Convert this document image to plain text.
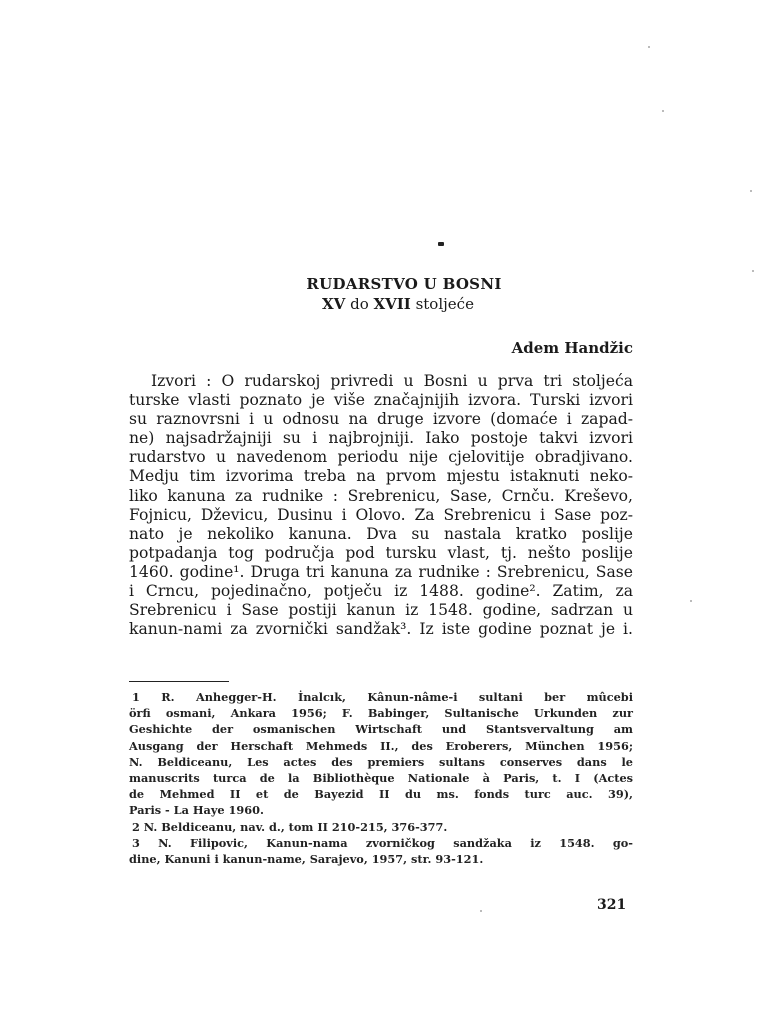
RUDARSTVO U BOSNI
XV do XVII stoljeće
Adem Handžic
Izvori : O rudarskoj privredi u Bosni u prva tri stoljeća
turske vlasti poznato je više značajnijih izvora. Turski izvori
su raznovrsni i u odnosu na druge izvore (domaće i zapad-
ne) najsadržajniji su i najbrojniji. Iako postoje takvi izvori
rudarstvo u navedenom periodu nije cjelovitije obradjivano.
Medju tim izvorima treba na prvom mjestu istaknuti neko-
liko kanuna za rudnike : Srebrenicu, Sase, Crnču. Kreševo,
Fojnicu, Dževicu, Dusinu i Olovo. Za Srebrenicu i Sase poz-
nato je nekoliko kanuna. Dva su nastala kratko poslije
potpadanja tog područja pod tursku vlast, tj. nešto poslije
1460. godine¹. Druga tri kanuna za rudnike : Srebrenicu, Sase
i Crncu, pojedinačno, potječu iz 1488. godine². Zatim, za
Srebrenicu i Sase postiji kanun iz 1548. godine, sadrzan u
kanun-nami za zvornički sandžak³. Iz iste godine poznat je i.
1 R. Anhegger-H. İnalcık, Kânun-nâme-i sultani ber mûcebi
örfi osmani, Ankara 1956; F. Babinger, Sultanische Urkunden zur
Geshichte der osmanischen Wirtschaft und Stantsvervaltung am
Ausgang der Herschaft Mehmeds II., des Eroberers, München 1956;
N. Beldiceanu, Les actes des premiers sultans conserves dans le
manuscrits turca de la Bibliothèque Nationale à Paris, t. I (Actes
de Mehmed II et de Bayezid II du ms. fonds turc auc. 39),
Paris - La Haye 1960.
2 N. Beldiceanu, nav. d., tom II 210-215, 376-377.
3 N. Filipovic, Kanun-nama zvorničkog sandžaka iz 1548. go-
dine, Kanuni i kanun-name, Sarajevo, 1957, str. 93-121.
321
